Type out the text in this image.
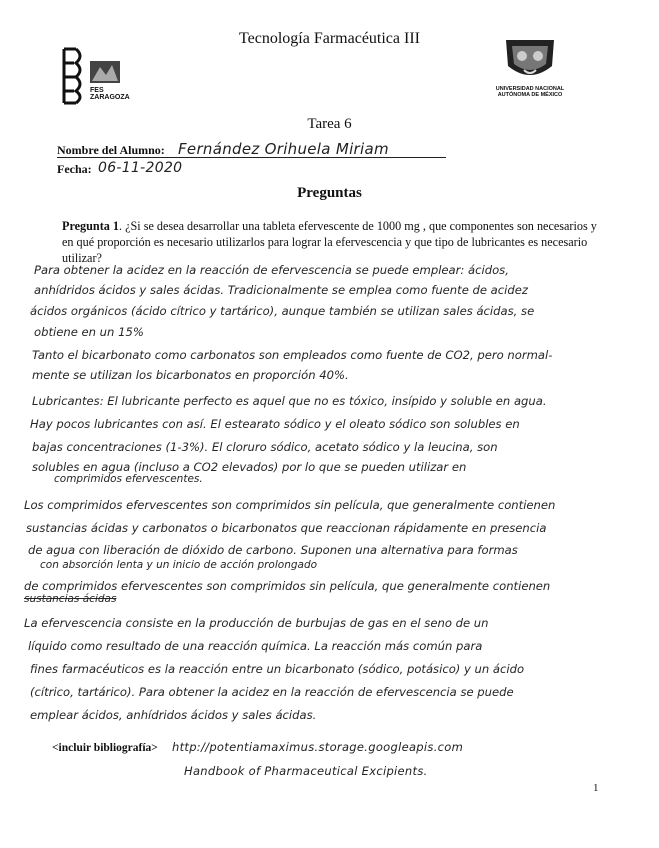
Tecnología Farmacéutica III
FES ZARAGOZA
UNIVERSIDAD NACIONAL AUTÓNOMA DE MÉXICO
Tarea 6
Nombre del Alumno: Fernández Orihuela Miriam
Fecha: 06-11-2020
Preguntas
Pregunta 1. ¿Si se desea desarrollar una tableta efervescente de 1000 mg , que componentes son necesarios y en qué proporción es necesario utilizarlos para lograr la efervescencia y que tipo de lubricantes es necesario utilizar?
Para obtener la acidez en la reacción de efervescencia se puede emplear: ácidos,
anhídridos ácidos y sales ácidas. Tradicionalmente se emplea como fuente de acidez
ácidos orgánicos (ácido cítrico y tartárico), aunque también se utilizan sales ácidas, se
obtiene en un 15%
Tanto el bicarbonato como carbonatos son empleados como fuente de CO2, pero normal-
mente se utilizan los bicarbonatos en proporción 40%.
Lubricantes: El lubricante perfecto es aquel que no es tóxico, insípido y soluble en agua.
Hay pocos lubricantes con así. El estearato sódico y el oleato sódico son solubles en
bajas concentraciones (1-3%). El cloruro sódico, acetato sódico y la leucina, son
solubles en agua (incluso a CO2 elevados) por lo que se pueden utilizar en
comprimidos efervescentes.
Los comprimidos efervescentes son comprimidos sin película, que generalmente contienen
sustancias ácidas y carbonatos o bicarbonatos que reaccionan rápidamente en presencia
de agua con liberación de dióxido de carbono. Suponen una alternativa para formas
con absorción lenta y un inicio de acción prolongado
de comprimidos efervescentes son comprimidos sin película, que generalmente contienen
sustancias ácidas
La efervescencia consiste en la producción de burbujas de gas en el seno de un
líquido como resultado de una reacción química. La reacción más común para
fines farmacéuticos es la reacción entre un bicarbonato (sódico, potásico) y un ácido
(cítrico, tartárico). Para obtener la acidez en la reacción de efervescencia se puede
emplear ácidos, anhídridos ácidos y sales ácidas.
<incluir bibliografía> http://potentiamaximus.storage.googleapis.com
Handbook of Pharmaceutical Excipients.
1
